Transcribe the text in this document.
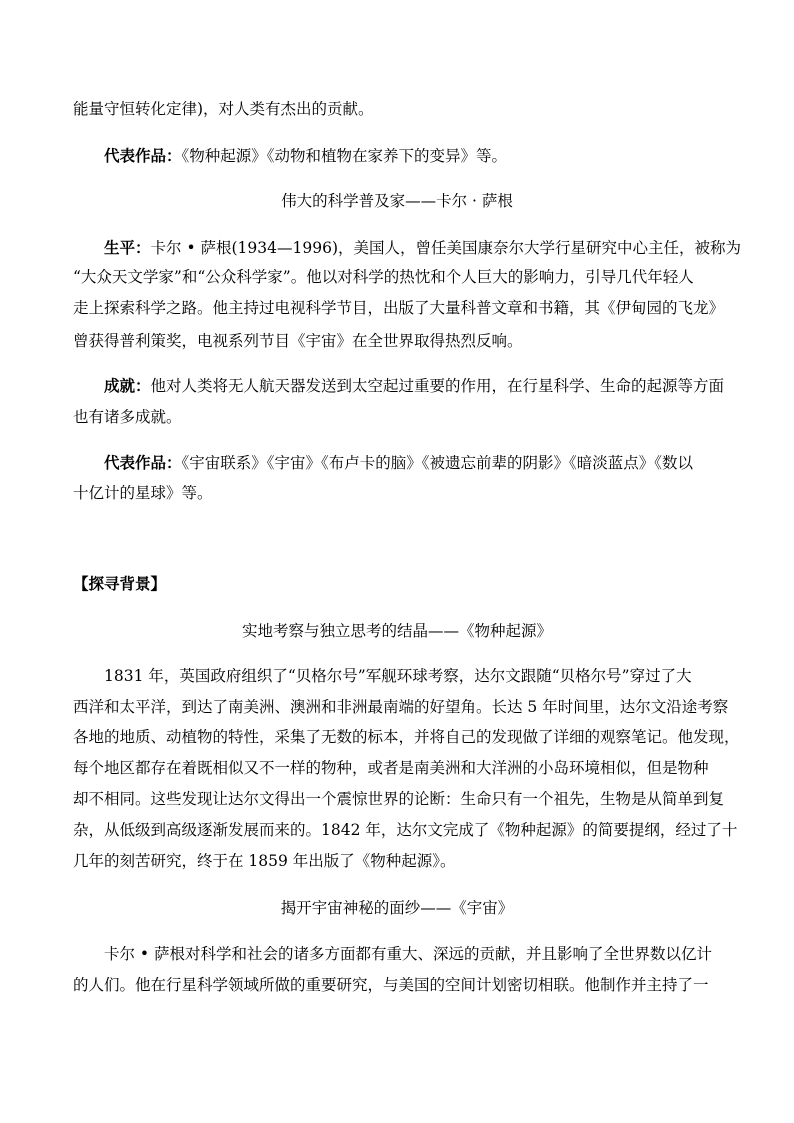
能量守恒转化定律)，对人类有杰出的贡献。
代表作品：《物种起源》《动物和植物在家养下的变异》等。
伟大的科学普及家——卡尔 · 萨根
生平：卡尔 • 萨根(1934—1996)，美国人，曾任美国康奈尔大学行星研究中心主任，被称为
“大众天文学家”和“公众科学家”。他以对科学的热忱和个人巨大的影响力，引导几代年轻人
走上探索科学之路。他主持过电视科学节目，出版了大量科普文章和书籍，其《伊甸园的飞龙》
曾获得普利策奖，电视系列节目《宇宙》在全世界取得热烈反响。
成就：他对人类将无人航天器发送到太空起过重要的作用，在行星科学、生命的起源等方面
也有诸多成就。
代表作品：《宇宙联系》《宇宙》《布卢卡的脑》《被遗忘前辈的阴影》《暗淡蓝点》《数以
十亿计的星球》等。
【探寻背景】
实地考察与独立思考的结晶——《物种起源》
1831 年，英国政府组织了“贝格尔号”军舰环球考察，达尔文跟随“贝格尔号”穿过了大
西洋和太平洋，到达了南美洲、澳洲和非洲最南端的好望角。长达 5 年时间里，达尔文沿途考察
各地的地质、动植物的特性，采集了无数的标本，并将自己的发现做了详细的观察笔记。他发现，
每个地区都存在着既相似又不一样的物种，或者是南美洲和大洋洲的小岛环境相似，但是物种
却不相同。这些发现让达尔文得出一个震惊世界的论断：生命只有一个祖先，生物是从简单到复
杂，从低级到高级逐渐发展而来的。1842 年，达尔文完成了《物种起源》的简要提纲，经过了十
几年的刻苦研究，终于在 1859 年出版了《物种起源》。
揭开宇宙神秘的面纱——《宇宙》
卡尔 • 萨根对科学和社会的诸多方面都有重大、深远的贡献，并且影响了全世界数以亿计
的人们。他在行星科学领域所做的重要研究，与美国的空间计划密切相联。他制作并主持了一
